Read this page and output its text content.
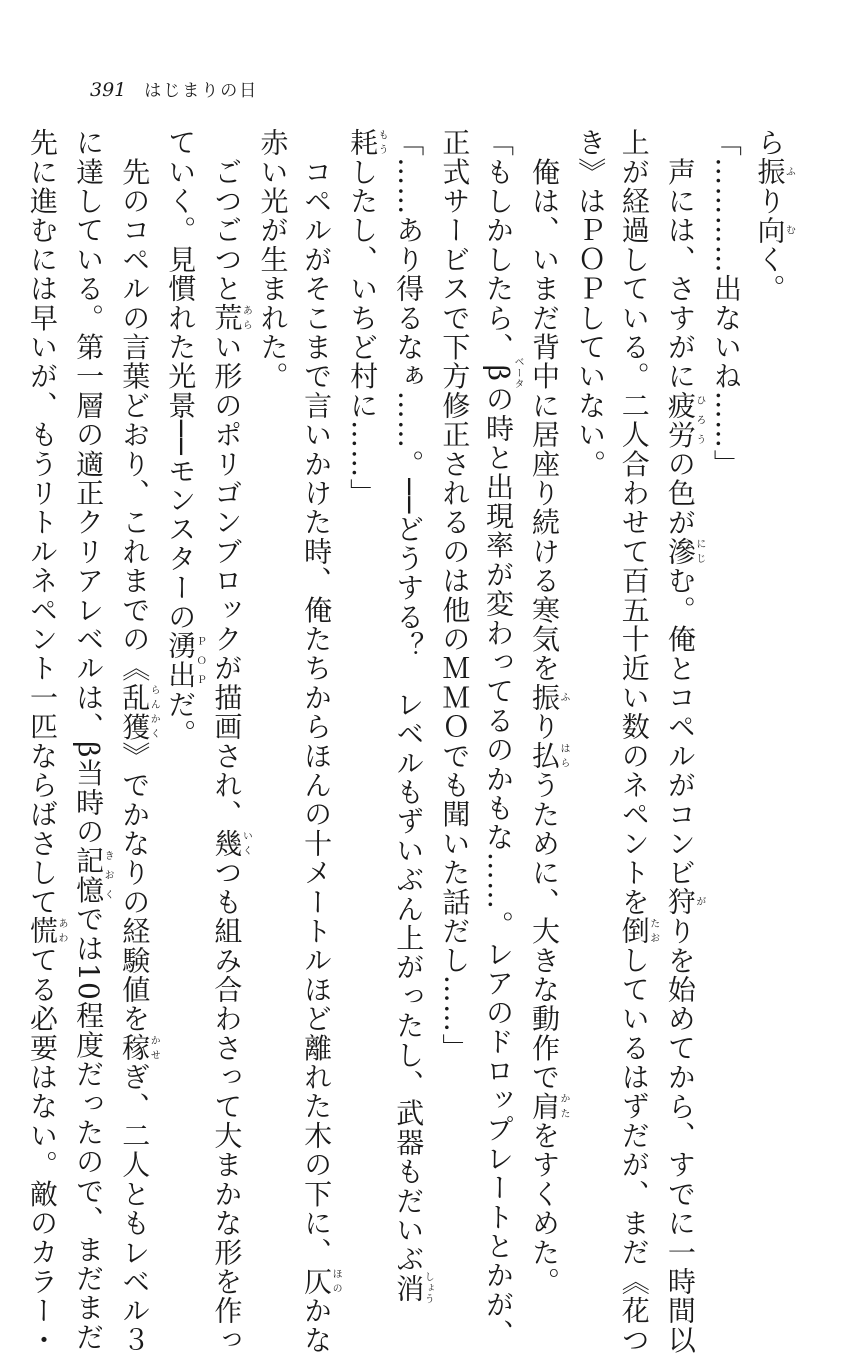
391 はじまりの日
ら振ふり向むく。
「…………出ないね……」
　声には、さすがに疲労ひろうの色が滲にじむ。俺とコペルがコンビ狩がりを始めてから、すでに一時間以
上が経過している。二人合わせて百五十近い数のネペントを倒たおしているはずだが、まだ《花つ
き》はＰＯＰしていない。
　俺は、いまだ背中に居座り続ける寒気を振ふり払はらうために、大きな動作で肩かたをすくめた。
「もしかしたら、βベータの時と出現率が変わってるのかもな……。レアのドロップレートとかが、
正式サービスで下方修正されるのは他のＭＭＯでも聞いた話だし……」
「……あり得るなぁ……。──どうする？　レベルもずいぶん上がったし、武器もだいぶ消しょう
耗もうしたし、いちど村に……」
　コペルがそこまで言いかけた時、俺たちからほんの十メートルほど離れた木の下に、仄ほのかな
赤い光が生まれた。
　ごつごつと荒あらい形のポリゴンブロックが描画され、幾いくつも組み合わさって大まかな形を作っ
ていく。見慣れた光景──モンスターの湧出ＰＯＰだ。
　先のコペルの言葉どおり、これまでの《乱獲らんかく》でかなりの経験値を稼かせぎ、二人ともレベル３
に達している。第一層の適正クリアレベルは、β当時の記憶きおくでは10程度だったので、まだまだ
先に進むには早いが、もうリトルネペント一匹ならばさして慌あわてる必要はない。敵のカラー・
